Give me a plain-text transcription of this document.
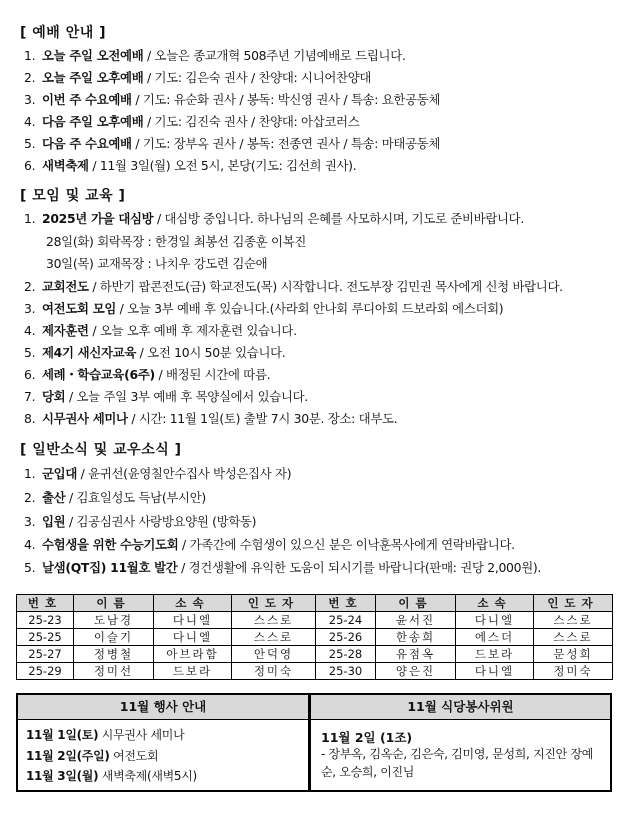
[ 예배 안내 ]
1. 오늘 주일 오전예배 / 오늘은 종교개혁 508주년 기념예배로 드립니다.
2. 오늘 주일 오후예배 / 기도: 김은숙 권사 / 찬양대: 시니어찬양대
3. 이번 주 수요예배 / 기도: 유순화 권사 / 봉독: 박신영 권사 / 특송: 요한공동체
4. 다음 주일 오후예배 / 기도: 김진숙 권사 / 찬양대: 아삽코러스
5. 다음 주 수요예배 / 기도: 장부옥 권사 / 봉독: 전종연 권사 / 특송: 마태공동체
6. 새벽축제 / 11월 3일(월) 오전 5시, 본당(기도: 김선희 권사).
[ 모임 및 교육 ]
1. 2025년 가을 대심방 / 대심방 중입니다. 하나님의 은혜를 사모하시며, 기도로 준비바랍니다.
2. 교회전도 / 하반기 팝콘전도(금) 학교전도(목) 시작합니다. 전도부장 김민권 목사에게 신청 바랍니다.
3. 여전도회 모임 / 오늘 3부 예배 후 있습니다.(사라회 안나회 루디아회 드보라회 에스더회)
4. 제자훈련 / 오늘 오후 예배 후 제자훈련 있습니다.
5. 제4기 새신자교육 / 오전 10시 50분 있습니다.
6. 세례・학습교육(6주) / 배정된 시간에 따름.
7. 당회 / 오늘 주일 3부 예배 후 목양실에서 있습니다.
8. 시무권사 세미나 / 시간: 11월 1일(토) 출발 7시 30분. 장소: 대부도.
28일(화) 회락목장 : 한경일 최봉선 김종훈 이복진
30일(목) 교재목장 : 나치우 강도련 김순애
[ 일반소식 및 교우소식 ]
1. 군입대 / 윤귀선(윤영칠안수집사 박성은집사 자)
2. 출산 / 김효일성도 득남(부시안)
3. 입원 / 김공심권사 사랑방요양원 (방학동)
4. 수험생을 위한 수능기도회 / 가족간에 수험생이 있으신 분은 이낙훈목사에게 연락바랍니다.
5. 날샘(QT집) 11월호 발간 / 경건생활에 유익한 도움이 되시기를 바랍니다(판매: 권당 2,000원).
번호	이름	소속	인도자	번호	이름	소속	인도자
25-23	도남경	다니엘	스스로	25-24	윤서진	다니엘	스스로
25-25	이슬기	다니엘	스스로	25-26	한송희	에스더	스스로
25-27	정병철	아브라함	안덕영	25-28	유점옥	드보라	문성희
25-29	정미선	드보라	정미숙	25-30	양은진	다니엘	정미숙
11월 행사 안내
11월 1일(토) 시무권사 세미나
11월 2일(주일) 여전도회
11월 3일(월) 새벽축제(새벽5시)
11월 식당봉사위원
11월 2일 (1조)
- 장부옥, 김옥순, 김은숙, 김미영, 문성희, 지진안 장예순, 오승희, 이진님
